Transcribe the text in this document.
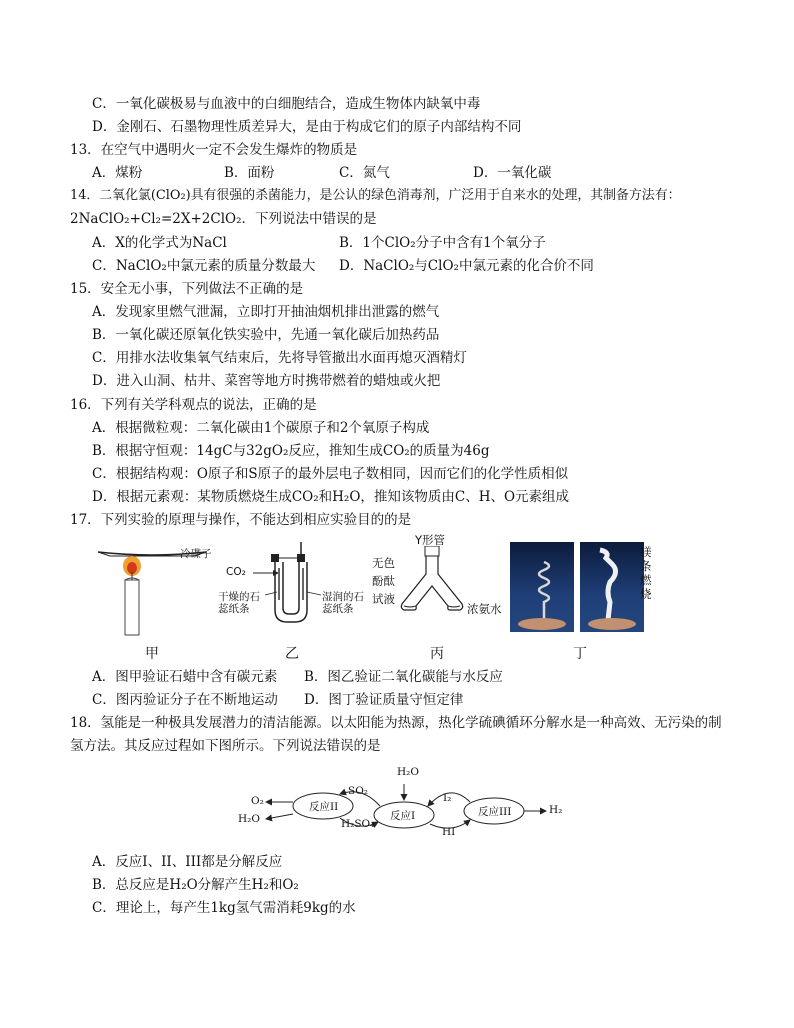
C．一氧化碳极易与血液中的白细胞结合，造成生物体内缺氧中毒
D．金刚石、石墨物理性质差异大，是由于构成它们的原子内部结构不同
13．在空气中遇明火一定不会发生爆炸的物质是
A．煤粉	B．面粉	C．氮气	D．一氧化碳
14．二氧化氯(ClO₂)具有很强的杀菌能力，是公认的绿色消毒剂，广泛用于自来水的处理，其制备方法有：
2NaClO₂+Cl₂=2X+2ClO₂．下列说法中错误的是
A．X的化学式为NaCl	B．1个ClO₂分子中含有1个氧分子
C．NaClO₂中氯元素的质量分数最大 D．NaClO₂与ClO₂中氯元素的化合价不同
15．安全无小事，下列做法不正确的是
A．发现家里燃气泄漏，立即打开抽油烟机排出泄露的燃气
B．一氧化碳还原氧化铁实验中，先通一氧化碳后加热药品
C．用排水法收集氧气结束后，先将导管撤出水面再熄灭酒精灯
D．进入山洞、枯井、菜窖等地方时携带燃着的蜡烛或火把
16．下列有关学科观点的说法，正确的是
A．根据微粒观：二氧化碳由1个碳原子和2个氧原子构成
B．根据守恒观：14gC与32gO₂反应，推知生成CO₂的质量为46g
C．根据结构观：O原子和S原子的最外层电子数相同，因而它们的化学性质相似
D．根据元素观：某物质燃烧生成CO₂和H₂O，推知该物质由C、H、O元素组成
17．下列实验的原理与操作，不能达到相应实验目的的是
冷碟子
CO₂
干燥的石蕊纸条
湿润的石蕊纸条
Y形管
无色
酚酞
试液
浓氨水
镁条燃烧
甲	乙	丙	丁
A．图甲验证石蜡中含有碳元素 B．图乙验证二氧化碳能与水反应
C．图丙验证分子在不断地运动 D．图丁验证质量守恒定律
18．氢能是一种极具发展潜力的清洁能源。以太阳能为热源，热化学硫碘循环分解水是一种高效、无污染的制
氢方法。其反应过程如下图所示。下列说法错误的是
反应II
反应I	反应III
H₂O
O₂
H₂O
SO₂
H₂SO₄
I₂
HI
H₂
A．反应I、II、III都是分解反应
B．总反应是H₂O分解产生H₂和O₂
C．理论上，每产生1kg氢气需消耗9kg的水
